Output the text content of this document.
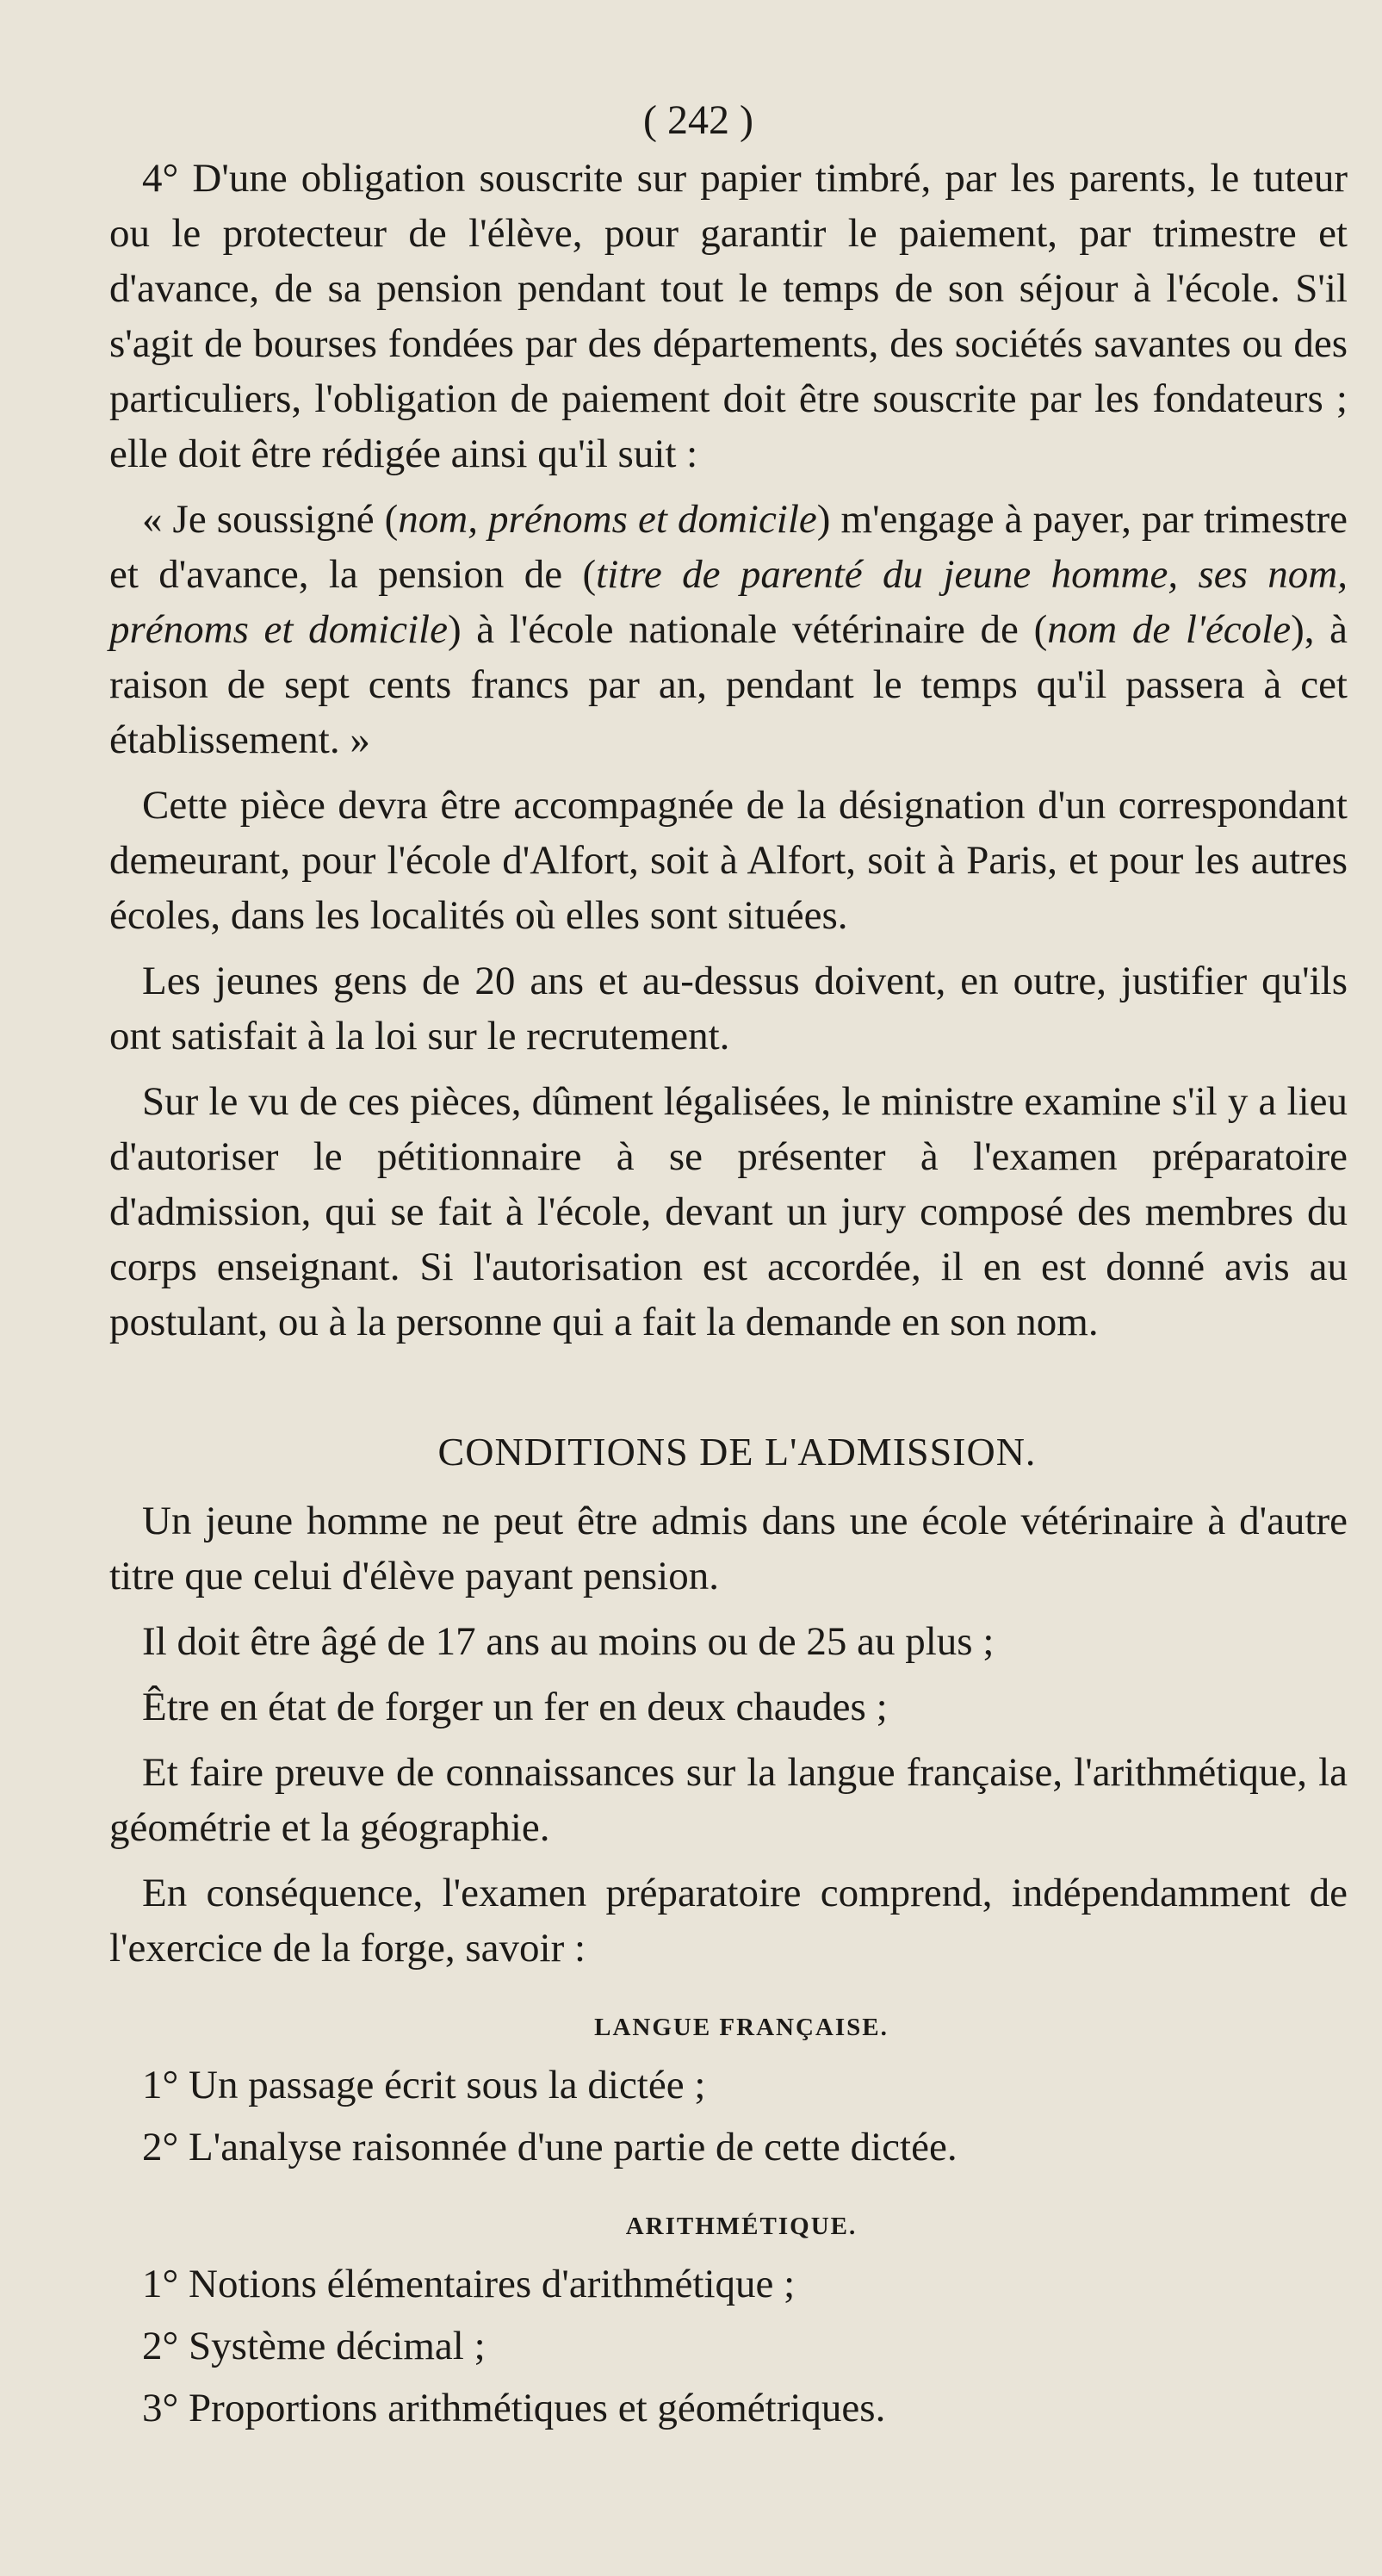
( 242 )

4° D'une obligation souscrite sur papier timbré, par les parents, le tuteur ou le protecteur de l'élève, pour garantir le paiement, par trimestre et d'avance, de sa pension pendant tout le temps de son séjour à l'école. S'il s'agit de bourses fondées par des départements, des sociétés savantes ou des particuliers, l'obligation de paiement doit être souscrite par les fondateurs ; elle doit être rédigée ainsi qu'il suit :

« Je soussigné (nom, prénoms et domicile) m'engage à payer, par trimestre et d'avance, la pension de (titre de parenté du jeune homme, ses nom, prénoms et domicile) à l'école nationale vétérinaire de (nom de l'école), à raison de sept cents francs par an, pendant le temps qu'il passera à cet établissement. »

Cette pièce devra être accompagnée de la désignation d'un correspondant demeurant, pour l'école d'Alfort, soit à Alfort, soit à Paris, et pour les autres écoles, dans les localités où elles sont situées.

Les jeunes gens de 20 ans et au-dessus doivent, en outre, justifier qu'ils ont satisfait à la loi sur le recrutement.

Sur le vu de ces pièces, dûment légalisées, le ministre examine s'il y a lieu d'autoriser le pétitionnaire à se présenter à l'examen préparatoire d'admission, qui se fait à l'école, devant un jury composé des membres du corps enseignant. Si l'autorisation est accordée, il en est donné avis au postulant, ou à la personne qui a fait la demande en son nom.

CONDITIONS DE L'ADMISSION.

Un jeune homme ne peut être admis dans une école vétérinaire à d'autre titre que celui d'élève payant pension.

Il doit être âgé de 17 ans au moins ou de 25 au plus ;

Être en état de forger un fer en deux chaudes ;

Et faire preuve de connaissances sur la langue française, l'arithmétique, la géométrie et la géographie.

En conséquence, l'examen préparatoire comprend, indépendamment de l'exercice de la forge, savoir :

LANGUE FRANÇAISE.

1° Un passage écrit sous la dictée ;

2° L'analyse raisonnée d'une partie de cette dictée.

ARITHMÉTIQUE.

1° Notions élémentaires d'arithmétique ;

2° Système décimal ;

3° Proportions arithmétiques et géométriques.
